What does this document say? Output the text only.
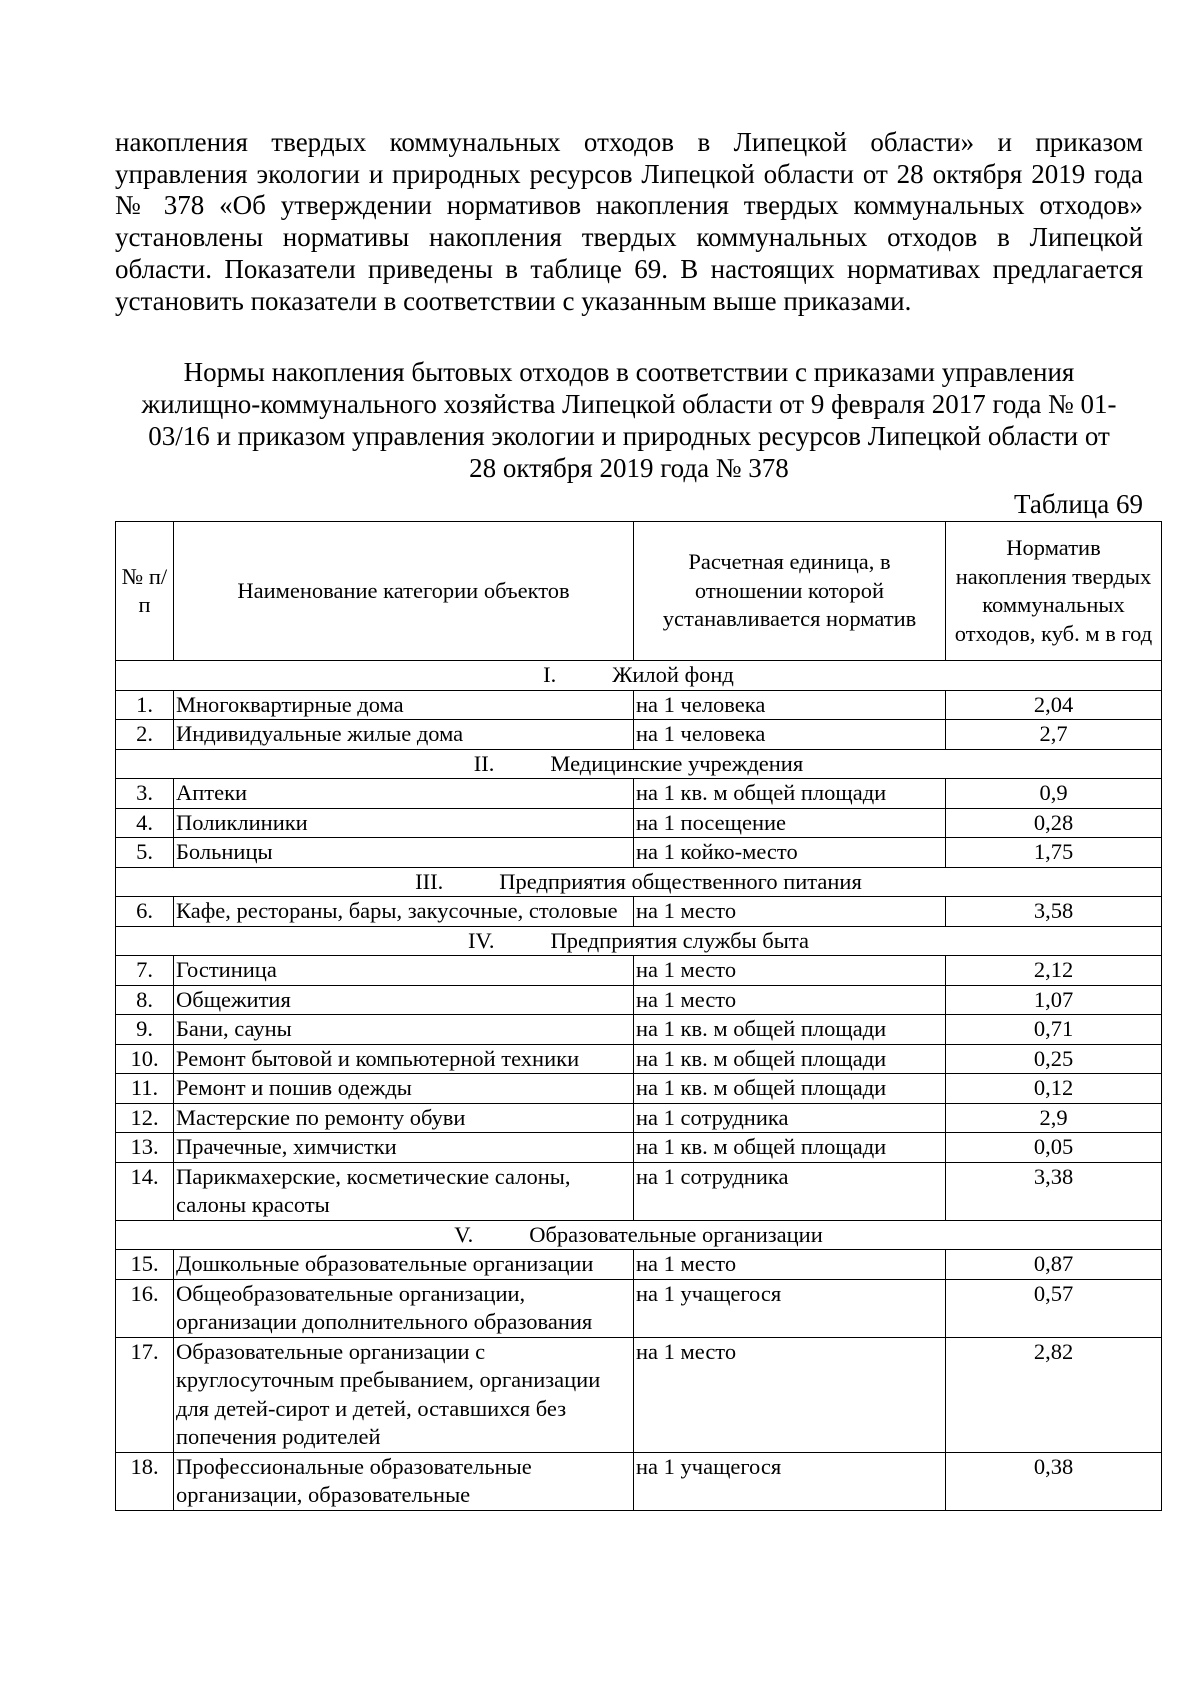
накопления твердых коммунальных отходов в Липецкой области» и приказом управления экологии и природных ресурсов Липецкой области от 28 октября 2019 года № 378 «Об утверждении нормативов накопления твердых коммунальных отходов» установлены нормативы накопления твердых коммунальных отходов в Липецкой области. Показатели приведены в таблице 69. В настоящих нормативах предлагается установить показатели в соответствии с указанным выше приказами.

Нормы накопления бытовых отходов в соответствии с приказами управления жилищно-коммунального хозяйства Липецкой области от 9 февраля 2017 года № 01-03/16 и приказом управления экологии и природных ресурсов Липецкой области от 28 октября 2019 года № 378

Таблица 69

№ п/п	Наименование категории объектов	Расчетная единица, в отношении которой устанавливается норматив	Норматив накопления твердых коммунальных отходов, куб. м в год
I. Жилой фонд			
1.	Многоквартирные дома	на 1 человека	2,04
2.	Индивидуальные жилые дома	на 1 человека	2,7
II. Медицинские учреждения			
3.	Аптеки	на 1 кв. м общей площади	0,9
4.	Поликлиники	на 1 посещение	0,28
5.	Больницы	на 1 койко-место	1,75
III. Предприятия общественного питания			
6.	Кафе, рестораны, бары, закусочные, столовые	на 1 место	3,58
IV. Предприятия службы быта			
7.	Гостиница	на 1 место	2,12
8.	Общежития	на 1 место	1,07
9.	Бани, сауны	на 1 кв. м общей площади	0,71
10.	Ремонт бытовой и компьютерной техники	на 1 кв. м общей площади	0,25
11.	Ремонт и пошив одежды	на 1 кв. м общей площади	0,12
12.	Мастерские по ремонту обуви	на 1 сотрудника	2,9
13.	Прачечные, химчистки	на 1 кв. м общей площади	0,05
14.	Парикмахерские, косметические салоны, салоны красоты	на 1 сотрудника	3,38
V. Образовательные организации			
15.	Дошкольные образовательные организации	на 1 место	0,87
16.	Общеобразовательные организации, организации дополнительного образования	на 1 учащегося	0,57
17.	Образовательные организации с круглосуточным пребыванием, организации для детей-сирот и детей, оставшихся без попечения родителей	на 1 место	2,82
18.	Профессиональные образовательные организации, образовательные	на 1 учащегося	0,38
